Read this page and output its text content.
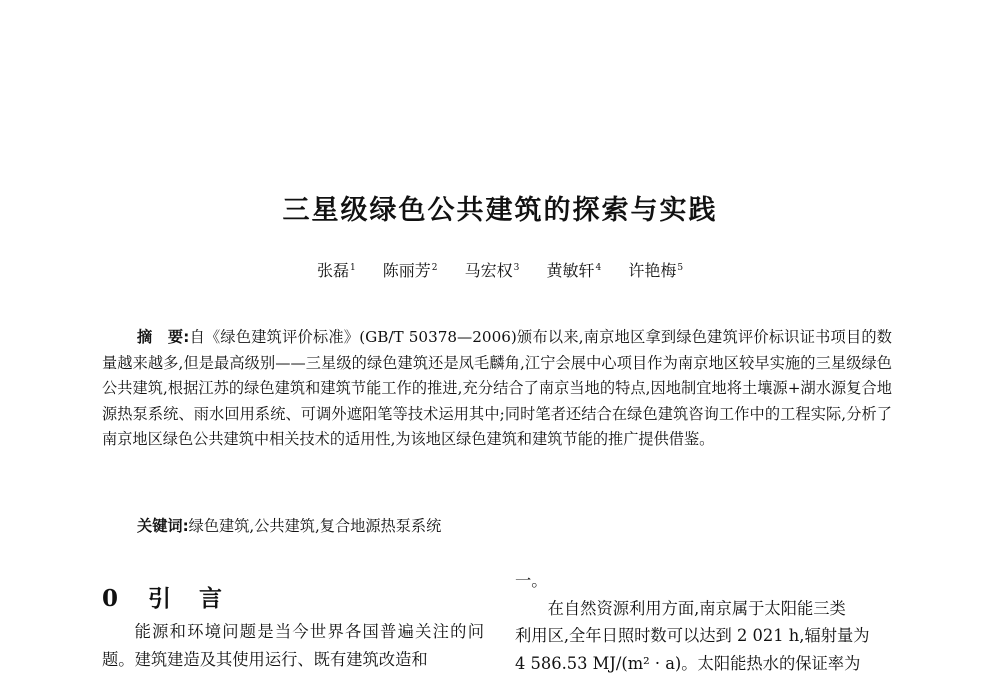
三星级绿色公共建筑的探索与实践
张磊$^1$ 陈丽芳$^2$ 马宏权$^3$ 黄敏轩$^4$ 许艳梅$^5$
摘　要:自《绿色建筑评价标准》(GB/T 50378—2006)颁布以来,南京地区拿到绿色建筑评价标识证书项目的数量越来越多,但是最高级别——三星级的绿色建筑还是凤毛麟角,江宁会展中心项目作为南京地区较早实施的三星级绿色公共建筑,根据江苏的绿色建筑和建筑节能工作的推进,充分结合了南京当地的特点,因地制宜地将土壤源+湖水源复合地源热泵系统、雨水回用系统、可调外遮阳笔等技术运用其中;同时笔者还结合在绿色建筑咨询工作中的工程实际,分析了南京地区绿色公共建筑中相关技术的适用性,为该地区绿色建筑和建筑节能的推广提供借鉴。
关键词:绿色建筑,公共建筑,复合地源热泵系统
0 引 言

能源和环境问题是当今世界各国普遍关注的问题。建筑建造及其使用运行、既有建筑改造和

一。
在自然资源利用方面,南京属于太阳能三类
利用区,全年日照时数可以达到 2 021 h,辐射量为
4 586.53 MJ/(m² · a)。太阳能热水的保证率为
